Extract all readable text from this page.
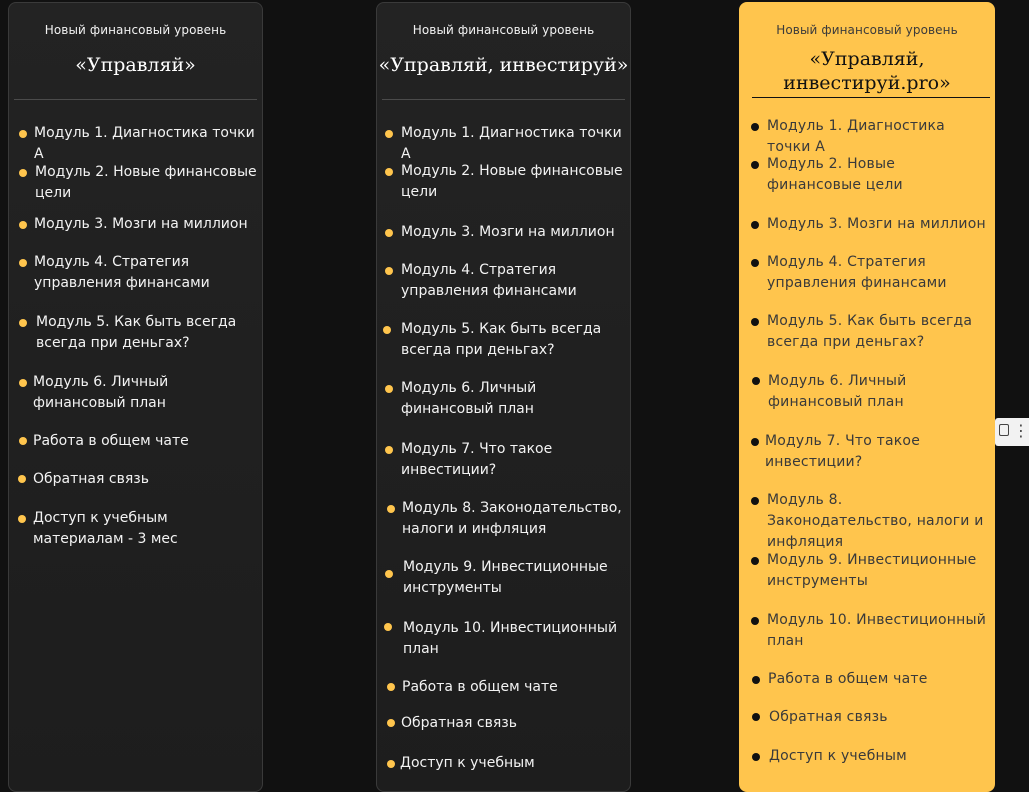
Новый финансовый уровень
«Управляй»
Модуль 1. Диагностика точки А
Модуль 2. Новые финансовые цели
Модуль 3. Мозги на миллион
Модуль 4. Стратегия управления финансами
Модуль 5. Как быть всегда всегда при деньгах?
Модуль 6. Личный финансовый план
Работа в общем чате
Обратная связь
Доступ к учебным материалам - 3 мес
Новый финансовый уровень
«Управляй, инвестируй»
Модуль 1. Диагностика точки А
Модуль 2. Новые финансовые цели
Модуль 3. Мозги на миллион
Модуль 4. Стратегия управления финансами
Модуль 5. Как быть всегда всегда при деньгах?
Модуль 6. Личный финансовый план
Модуль 7. Что такое инвестиции?
Модуль 8. Законодательство, налоги и инфляция
Модуль 9. Инвестиционные инструменты
Модуль 10. Инвестиционный план
Работа в общем чате
Обратная связь
Доступ к учебным
Новый финансовый уровень
«Управляй,
инвестируй.pro»
Модуль 1. Диагностика точки А
Модуль 2. Новые финансовые цели
Модуль 3. Мозги на миллион
Модуль 4. Стратегия управления финансами
Модуль 5. Как быть всегда всегда при деньгах?
Модуль 6. Личный финансовый план
Модуль 7. Что такое инвестиции?
Модуль 8. Законодательство, налоги и инфляция
Модуль 9. Инвестиционные инструменты
Модуль 10. Инвестиционный план
Работа в общем чате
Обратная связь
Доступ к учебным
⋮
